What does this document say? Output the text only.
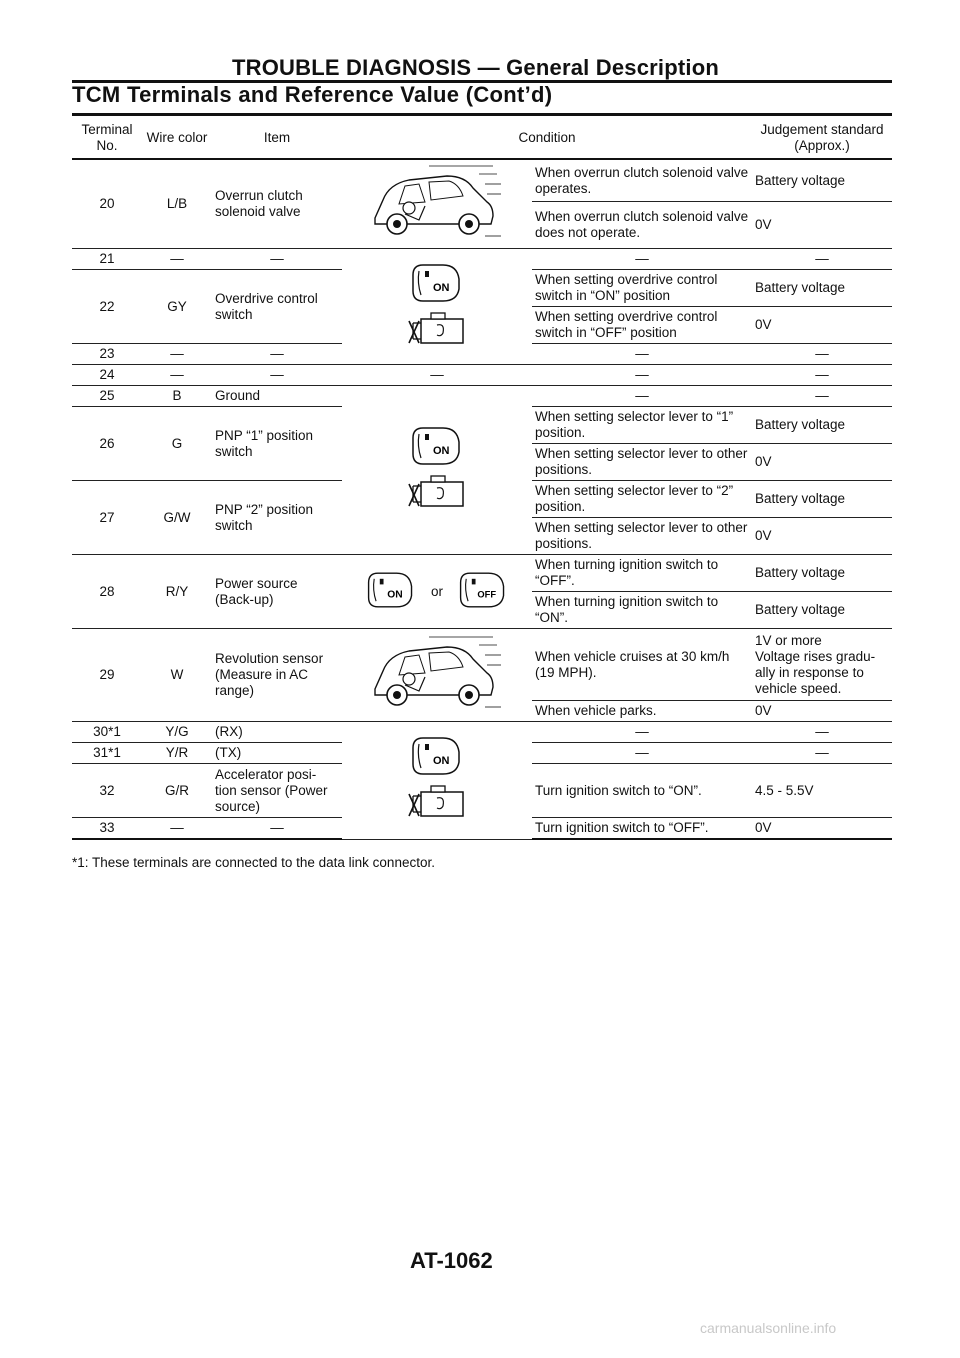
TROUBLE DIAGNOSIS — General Description
TCM Terminals and Reference Value (Cont’d)
Terminal No.	Wire color	Item	Condition		Judgement standard (Approx.)
20	L/B	Overrun clutch solenoid valve		When overrun clutch solenoid valve operates.	Battery voltage
				When overrun clutch solenoid valve does not operate.	0V
21	—	—	ON	—	—
22	GY	Overdrive control switch		When setting overdrive control switch in “ON” position	Battery voltage
				When setting overdrive control switch in “OFF” position	0V
23	—	—		—	—
24	—	—	—	—	—
25	B	Ground	ON	—	—
26	G	PNP “1” position switch		When setting selector lever to “1” position.	Battery voltage
				When setting selector lever to other positions.	0V
27	G/W	PNP “2” position switch		When setting selector lever to “2” position.	Battery voltage
				When setting selector lever to other positions.	0V
28	R/Y	Power source (Back-up)	ON or OFF	When turning ignition switch to “OFF”.	Battery voltage
				When turning ignition switch to “ON”.	Battery voltage
29	W	Revolution sensor (Measure in AC range)		When vehicle cruises at 30 km/h (19 MPH).	1V or more
Voltage rises gradu-
ally in response to
vehicle speed.

				When vehicle parks.	0V
30*1	Y/G	(RX)	ON	—	—
31*1	Y/R	(TX)		—	—
32	G/R	Accelerator posi- tion sensor (Power source)		Turn ignition switch to “ON”.	4.5 - 5.5V
33	—	—		Turn ignition switch to “OFF”.	0V
*1: These terminals are connected to the data link connector.
AT-1062
carmanualsonline.info
